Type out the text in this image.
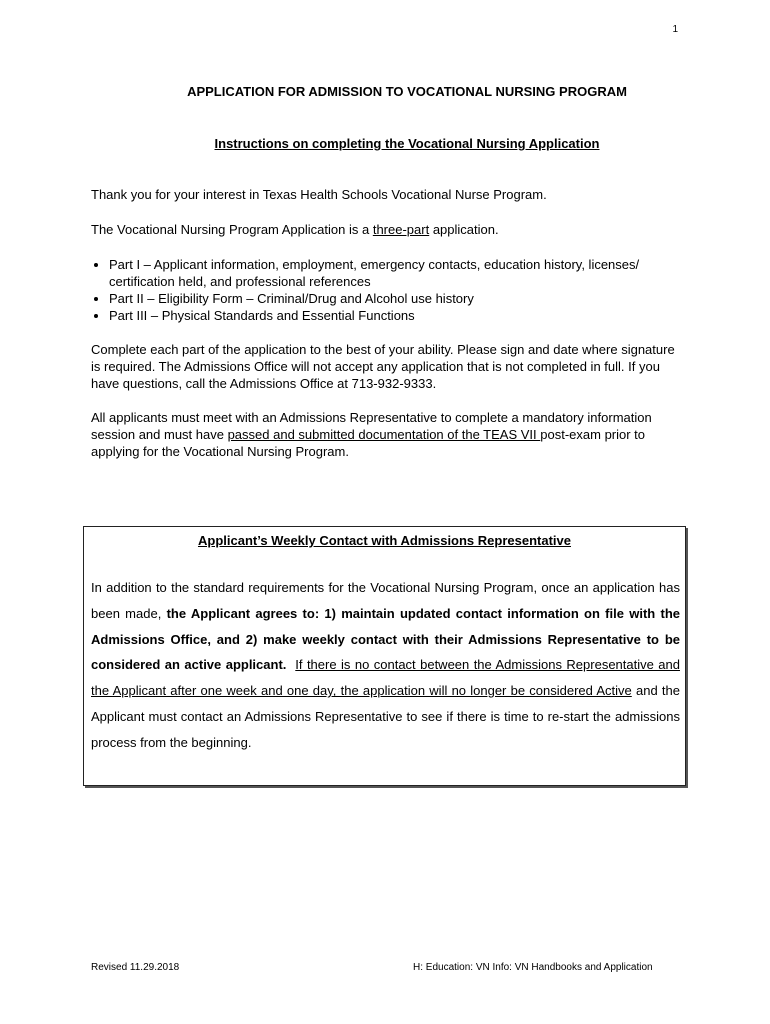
1
APPLICATION FOR ADMISSION TO VOCATIONAL NURSING PROGRAM
Instructions on completing the Vocational Nursing Application
Thank you for your interest in Texas Health Schools Vocational Nurse Program.
The Vocational Nursing Program Application is a three-part application.
• Part I – Applicant information, employment, emergency contacts, education history, licenses/ certification held, and professional references
• Part II – Eligibility Form – Criminal/Drug and Alcohol use history
• Part III – Physical Standards and Essential Functions
Complete each part of the application to the best of your ability. Please sign and date where signature is required. The Admissions Office will not accept any application that is not completed in full. If you have questions, call the Admissions Office at 713-932-9333.
All applicants must meet with an Admissions Representative to complete a mandatory information session and must have passed and submitted documentation of the TEAS VII post-exam prior to applying for the Vocational Nursing Program.
Applicant’s Weekly Contact with Admissions Representative
In addition to the standard requirements for the Vocational Nursing Program, once an application has been made, the Applicant agrees to: 1) maintain updated contact information on file with the Admissions Office, and 2) make weekly contact with their Admissions Representative to be considered an active applicant. If there is no contact between the Admissions Representative and the Applicant after one week and one day, the application will no longer be considered Active and the Applicant must contact an Admissions Representative to see if there is time to re-start the admissions process from the beginning.
Revised 11.29.2018	H: Education: VN Info: VN Handbooks and Application
